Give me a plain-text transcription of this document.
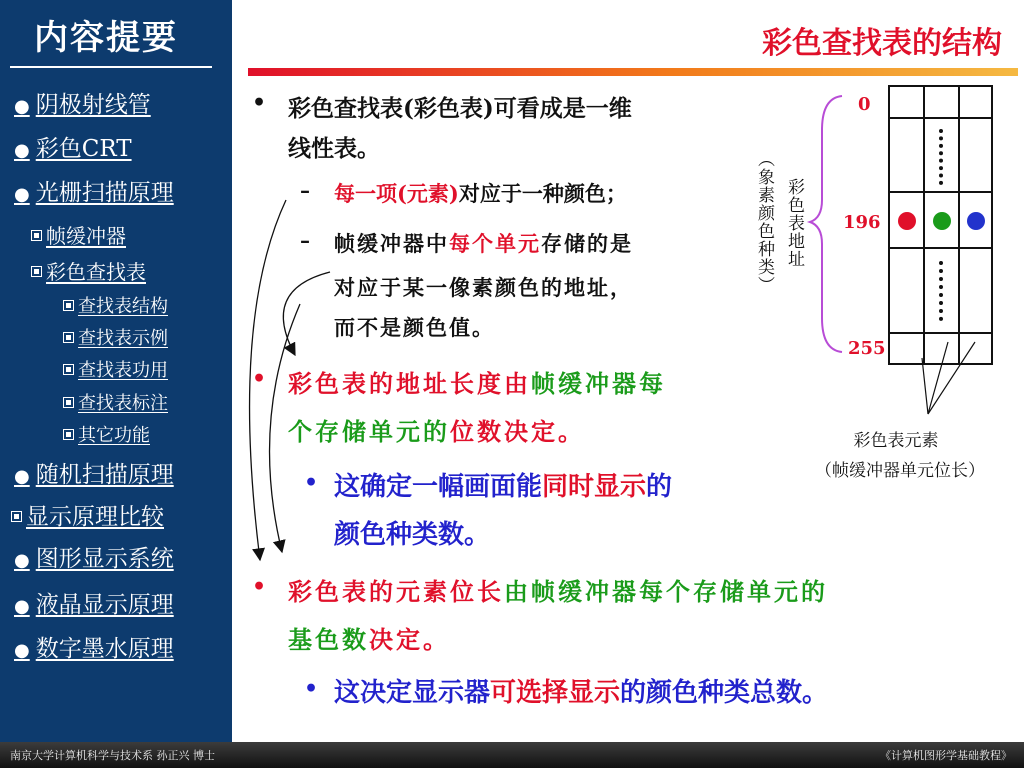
内容提要
● 阴极射线管
● 彩色CRT
● 光栅扫描原理
帧缓冲器
彩色查找表
查找表结构
查找表示例
查找表功用
查找表标注
其它功能
● 随机扫描原理
显示原理比较
● 图形显示系统
● 液晶显示原理
● 数字墨水原理
彩色查找表的结构
• 彩色查找表(彩色表)可看成是一维
线性表。
– 每一项(元素)对应于一种颜色；
– 帧缓冲器中每个单元存储的是
对应于某一像素颜色的地址，
而不是颜色值。
• 彩色表的地址长度由帧缓冲器每
个存储单元的位数决定。
• 这确定一幅画面能同时显示的
颜色种类数。
• 彩色表的元素位长由帧缓冲器每个存储单元的
基色数决定。
• 这决定显示器可选择显示的颜色种类总数。
0
196
255
彩色表地址
（象素颜色种类）
彩色表元素
（帧缓冲器单元位长）
南京大学计算机科学与技术系 孙正兴 博士	《计算机图形学基础教程》
